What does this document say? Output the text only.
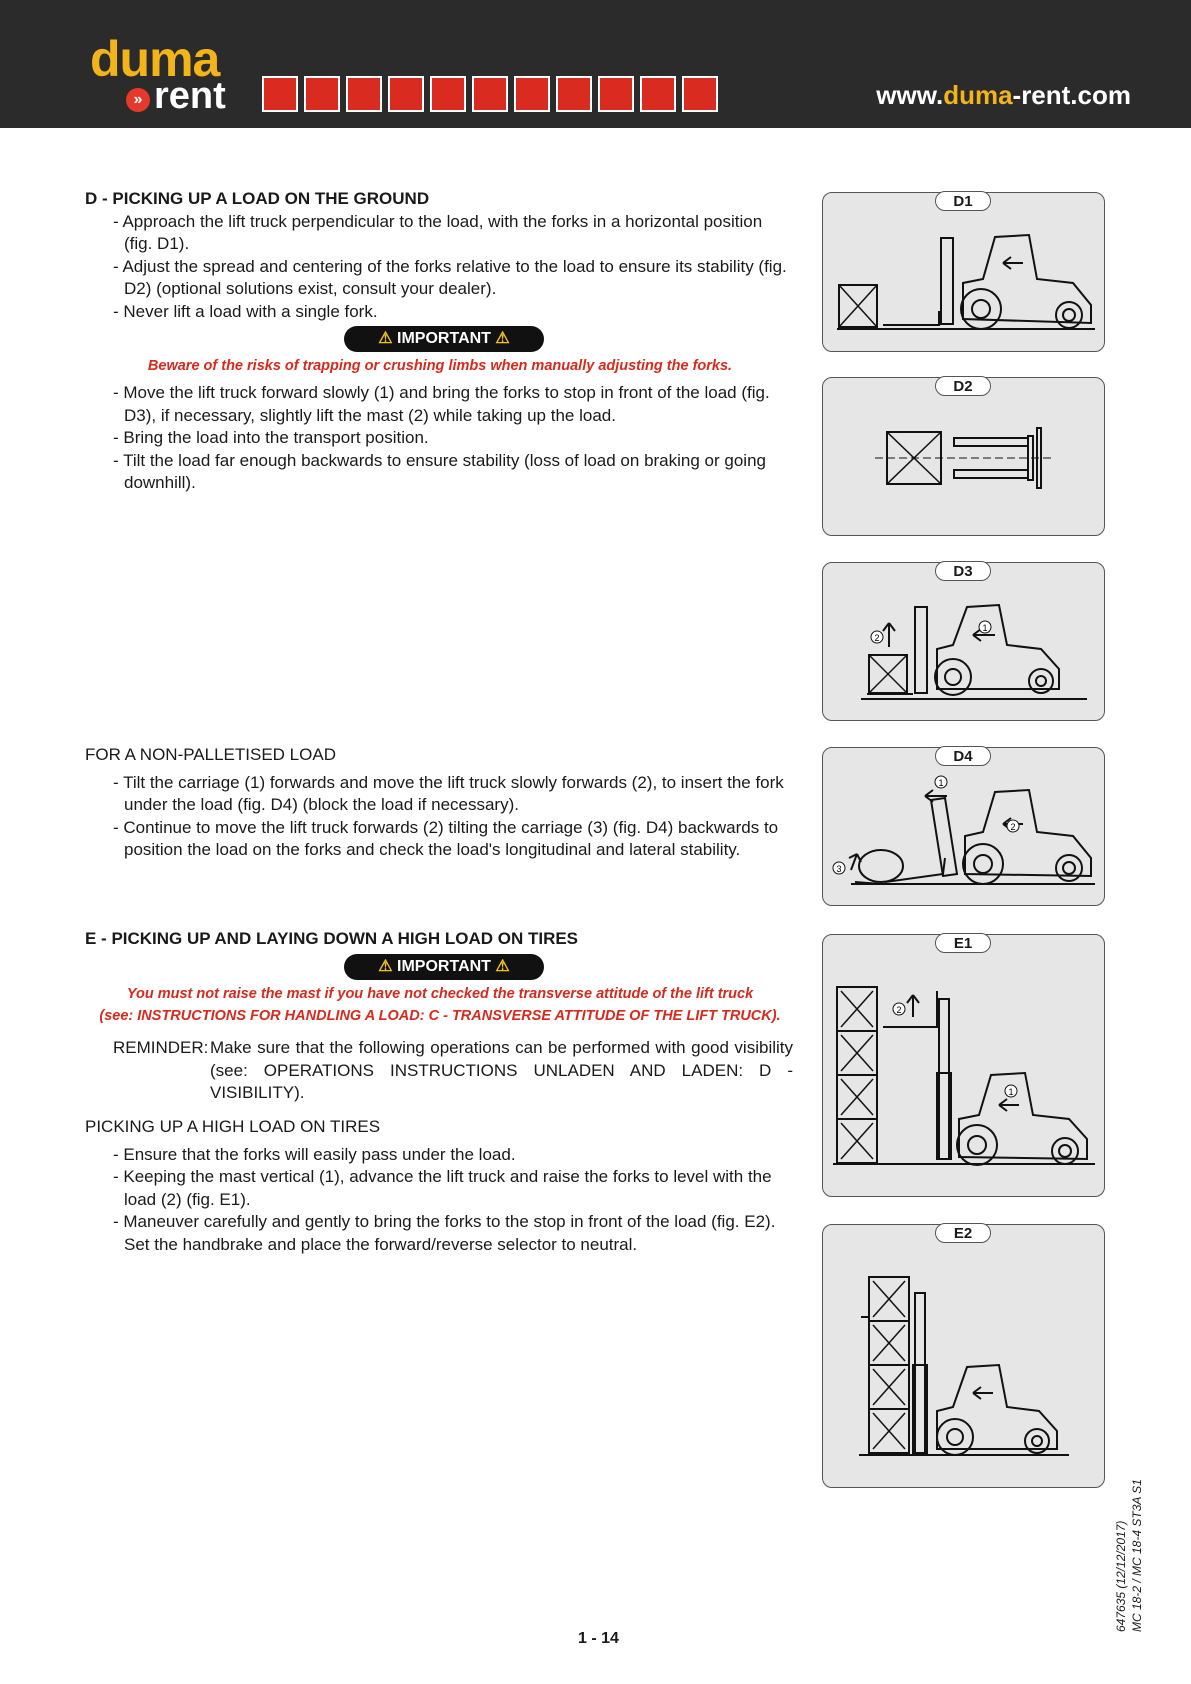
duma
» rent	www.duma-rent.com
D - PICKING UP A LOAD ON THE GROUND
- Approach the lift truck perpendicular to the load, with the forks in a horizontal position (fig. D1).
- Adjust the spread and centering of the forks relative to the load to ensure its stability (fig. D2) (optional solutions exist, consult your dealer).
- Never lift a load with a single fork.
⚠ IMPORTANT ⚠
Beware of the risks of trapping or crushing limbs when manually adjusting the forks.
- Move the lift truck forward slowly (1) and bring the forks to stop in front of the load (fig. D3), if necessary, slightly lift the mast (2) while taking up the load.
- Bring the load into the transport position.
- Tilt the load far enough backwards to ensure stability (loss of load on braking or going downhill).
FOR A NON-PALLETISED LOAD
- Tilt the carriage (1) forwards and move the lift truck slowly forwards (2), to insert the fork under the load (fig. D4) (block the load if necessary).
- Continue to move the lift truck forwards (2) tilting the carriage (3) (fig. D4) backwards to position the load on the forks and check the load's longitudinal and lateral stability.
E - PICKING UP AND LAYING DOWN A HIGH LOAD ON TIRES
⚠ IMPORTANT ⚠
You must not raise the mast if you have not checked the transverse attitude of the lift truck
(see: INSTRUCTIONS FOR HANDLING A LOAD: C - TRANSVERSE ATTITUDE OF THE LIFT TRUCK).
REMINDER: Make sure that the following operations can be performed with good visibility (see: OPERATIONS INSTRUCTIONS UNLADEN AND LADEN: D - VISIBILITY).
PICKING UP A HIGH LOAD ON TIRES
- Ensure that the forks will easily pass under the load.
- Keeping the mast vertical (1), advance the lift truck and raise the forks to level with the load (2) (fig. E1).
- Maneuver carefully and gently to bring the forks to the stop in front of the load (fig. E2). Set the handbrake and place the forward/reverse selector to neutral.
D1
D2
1
2
D3
1
2
3
D4
1
2
E1
E2
647635 (12/12/2017) MC 18-2 / MC 18-4 ST3A S1
1 - 14
